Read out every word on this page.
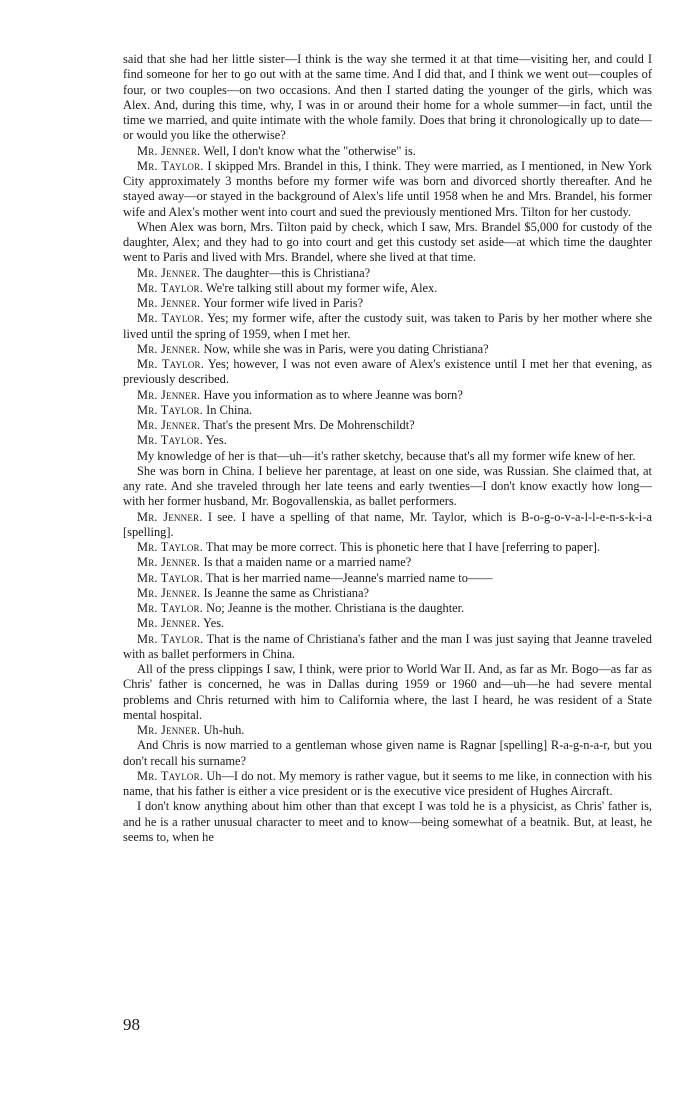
said that she had her little sister—I think is the way she termed it at that time—visiting her, and could I find someone for her to go out with at the same time. And I did that, and I think we went out—couples of four, or two couples—on two occasions. And then I started dating the younger of the girls, which was Alex. And, during this time, why, I was in or around their home for a whole summer—in fact, until the time we married, and quite intimate with the whole family. Does that bring it chronologically up to date—or would you like the otherwise?

Mr. Jenner. Well, I don't know what the "otherwise" is.

Mr. Taylor. I skipped Mrs. Brandel in this, I think. They were married, as I mentioned, in New York City approximately 3 months before my former wife was born and divorced shortly thereafter. And he stayed away—or stayed in the background of Alex's life until 1958 when he and Mrs. Brandel, his former wife and Alex's mother went into court and sued the previously mentioned Mrs. Tilton for her custody.

When Alex was born, Mrs. Tilton paid by check, which I saw, Mrs. Brandel $5,000 for custody of the daughter, Alex; and they had to go into court and get this custody set aside—at which time the daughter went to Paris and lived with Mrs. Brandel, where she lived at that time.

Mr. Jenner. The daughter—this is Christiana?

Mr. Taylor. We're talking still about my former wife, Alex.

Mr. Jenner. Your former wife lived in Paris?

Mr. Taylor. Yes; my former wife, after the custody suit, was taken to Paris by her mother where she lived until the spring of 1959, when I met her.

Mr. Jenner. Now, while she was in Paris, were you dating Christiana?

Mr. Taylor. Yes; however, I was not even aware of Alex's existence until I met her that evening, as previously described.

Mr. Jenner. Have you information as to where Jeanne was born?

Mr. Taylor. In China.

Mr. Jenner. That's the present Mrs. De Mohrenschildt?

Mr. Taylor. Yes.

My knowledge of her is that—uh—it's rather sketchy, because that's all my former wife knew of her.

She was born in China. I believe her parentage, at least on one side, was Russian. She claimed that, at any rate. And she traveled through her late teens and early twenties—I don't know exactly how long—with her former husband, Mr. Bogovallenskia, as ballet performers.

Mr. Jenner. I see. I have a spelling of that name, Mr. Taylor, which is B-o-g-o-v-a-l-l-e-n-s-k-i-a [spelling].

Mr. Taylor. That may be more correct. This is phonetic here that I have [referring to paper].

Mr. Jenner. Is that a maiden name or a married name?

Mr. Taylor. That is her married name—Jeanne's married name to——

Mr. Jenner. Is Jeanne the same as Christiana?

Mr. Taylor. No; Jeanne is the mother. Christiana is the daughter.

Mr. Jenner. Yes.

Mr. Taylor. That is the name of Christiana's father and the man I was just saying that Jeanne traveled with as ballet performers in China.

All of the press clippings I saw, I think, were prior to World War II. And, as far as Mr. Bogo—as far as Chris' father is concerned, he was in Dallas during 1959 or 1960 and—uh—he had severe mental problems and Chris returned with him to California where, the last I heard, he was resident of a State mental hospital.

Mr. Jenner. Uh-huh.

And Chris is now married to a gentleman whose given name is Ragnar [spelling] R-a-g-n-a-r, but you don't recall his surname?

Mr. Taylor. Uh—I do not. My memory is rather vague, but it seems to me like, in connection with his name, that his father is either a vice president or is the executive vice president of Hughes Aircraft.

I don't know anything about him other than that except I was told he is a physicist, as Chris' father is, and he is a rather unusual character to meet and to know—being somewhat of a beatnik. But, at least, he seems to, when he

98
